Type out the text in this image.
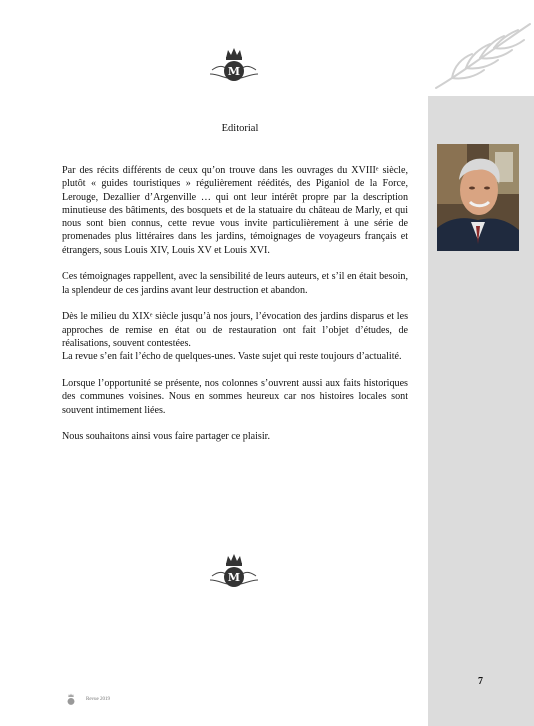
M
Editorial

Par des récits différents de ceux qu’on trouve dans les ouvrages du XVIIIᵉ siècle, plutôt « guides touristiques » régulièrement réédités, des Piganiol de la Force, Lerouge, Dezallier d’Argenville … qui ont leur intérêt propre par la description minutieuse des bâtiments, des bosquets et de la statuaire du château de Marly, et qui nous sont bien connus, cette revue vous invite particulièrement à une série de promenades plus littéraires dans les jardins, témoignages de voyageurs français et étrangers, sous Louis XIV, Louis XV et Louis XVI.

Ces témoignages rappellent, avec la sensibilité de leurs auteurs, et s’il en était besoin, la splendeur de ces jardins avant leur destruction et abandon.

Dès le milieu du XIXᵉ siècle jusqu’à nos jours, l’évocation des jardins disparus et les approches de remise en état ou de restauration ont fait l’objet d’études, de réalisations, souvent contestées.

La revue s’en fait l’écho de quelques-unes. Vaste sujet qui reste toujours d’actualité.

Lorsque l’opportunité se présente, nos colonnes s’ouvrent aussi aux faits historiques des communes voisines. Nous en sommes heureux car nos histoires locales sont souvent intimement liées.

Nous souhaitons ainsi vous faire partager ce plaisir.

M
7
Revue 2019
